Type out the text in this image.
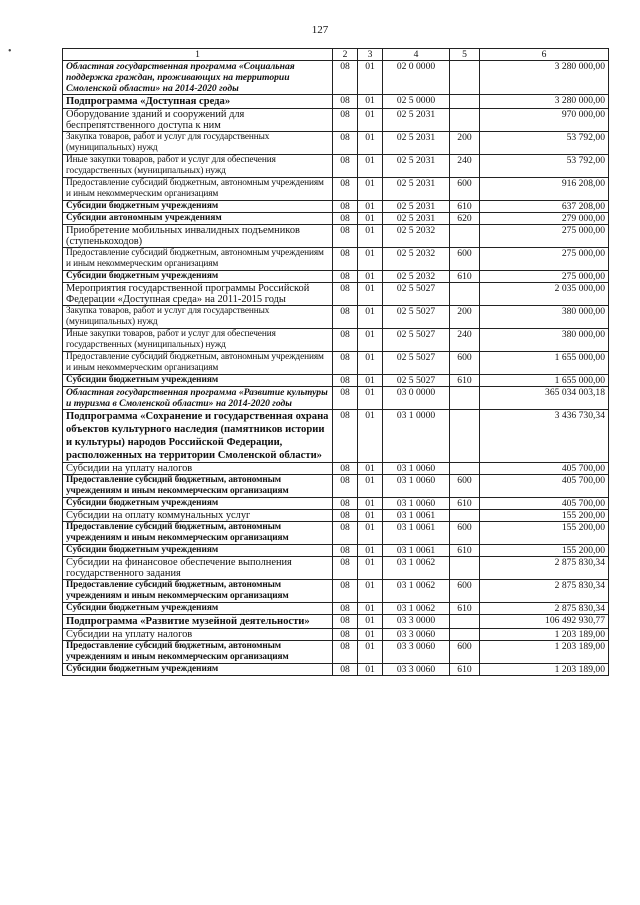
•
127
1	2	3	4	5	6
Областная государственная программа «Социальная поддержка граждан, проживающих на территории Смоленской области» на 2014-2020 годы	08	01	02 0 0000		3 280 000,00
Подпрограмма «Доступная среда»	08	01	02 5 0000		3 280 000,00
Оборудование зданий и сооружений для беспрепятственного доступа к ним	08	01	02 5 2031		970 000,00
Закупка товаров, работ и услуг для государственных (муниципальных) нужд	08	01	02 5 2031	200	53 792,00
Иные закупки товаров, работ и услуг для обеспечения государственных (муниципальных) нужд	08	01	02 5 2031	240	53 792,00
Предоставление субсидий бюджетным, автономным учреждениям и иным некоммерческим организациям	08	01	02 5 2031	600	916 208,00
Субсидии бюджетным учреждениям	08	01	02 5 2031	610	637 208,00
Субсидии автономным учреждениям	08	01	02 5 2031	620	279 000,00
Приобретение мобильных инвалидных подъемников (ступенькоходов)	08	01	02 5 2032		275 000,00
Предоставление субсидий бюджетным, автономным учреждениям и иным некоммерческим организациям	08	01	02 5 2032	600	275 000,00
Субсидии бюджетным учреждениям	08	01	02 5 2032	610	275 000,00
Мероприятия государственной программы Российской Федерации «Доступная среда» на 2011-2015 годы	08	01	02 5 5027		2 035 000,00
Закупка товаров, работ и услуг для государственных (муниципальных) нужд	08	01	02 5 5027	200	380 000,00
Иные закупки товаров, работ и услуг для обеспечения государственных (муниципальных) нужд	08	01	02 5 5027	240	380 000,00
Предоставление субсидий бюджетным, автономным учреждениям и иным некоммерческим организациям	08	01	02 5 5027	600	1 655 000,00
Субсидии бюджетным учреждениям	08	01	02 5 5027	610	1 655 000,00
Областная государственная программа «Развитие культуры и туризма в Смоленской области» на 2014-2020 годы	08	01	03 0 0000		365 034 003,18
Подпрограмма «Сохранение и государственная охрана объектов культурного наследия (памятников истории и культуры) народов Российской Федерации, расположенных на территории Смоленской области»	08	01	03 1 0000		3 436 730,34
Субсидии на уплату налогов	08	01	03 1 0060		405 700,00
Предоставление субсидий бюджетным, автономным учреждениям и иным некоммерческим организациям	08	01	03 1 0060	600	405 700,00
Субсидии бюджетным учреждениям	08	01	03 1 0060	610	405 700,00
Субсидии на оплату коммунальных услуг	08	01	03 1 0061		155 200,00
Предоставление субсидий бюджетным, автономным учреждениям и иным некоммерческим организациям	08	01	03 1 0061	600	155 200,00
Субсидии бюджетным учреждениям	08	01	03 1 0061	610	155 200,00
Субсидии на финансовое обеспечение выполнения государственного задания	08	01	03 1 0062		2 875 830,34
Предоставление субсидий бюджетным, автономным учреждениям и иным некоммерческим организациям	08	01	03 1 0062	600	2 875 830,34
Субсидии бюджетным учреждениям	08	01	03 1 0062	610	2 875 830,34
Подпрограмма «Развитие музейной деятельности»	08	01	03 3 0000		106 492 930,77
Субсидии на уплату налогов	08	01	03 3 0060		1 203 189,00
Предоставление субсидий бюджетным, автономным учреждениям и иным некоммерческим организациям	08	01	03 3 0060	600	1 203 189,00
Субсидии бюджетным учреждениям	08	01	03 3 0060	610	1 203 189,00
